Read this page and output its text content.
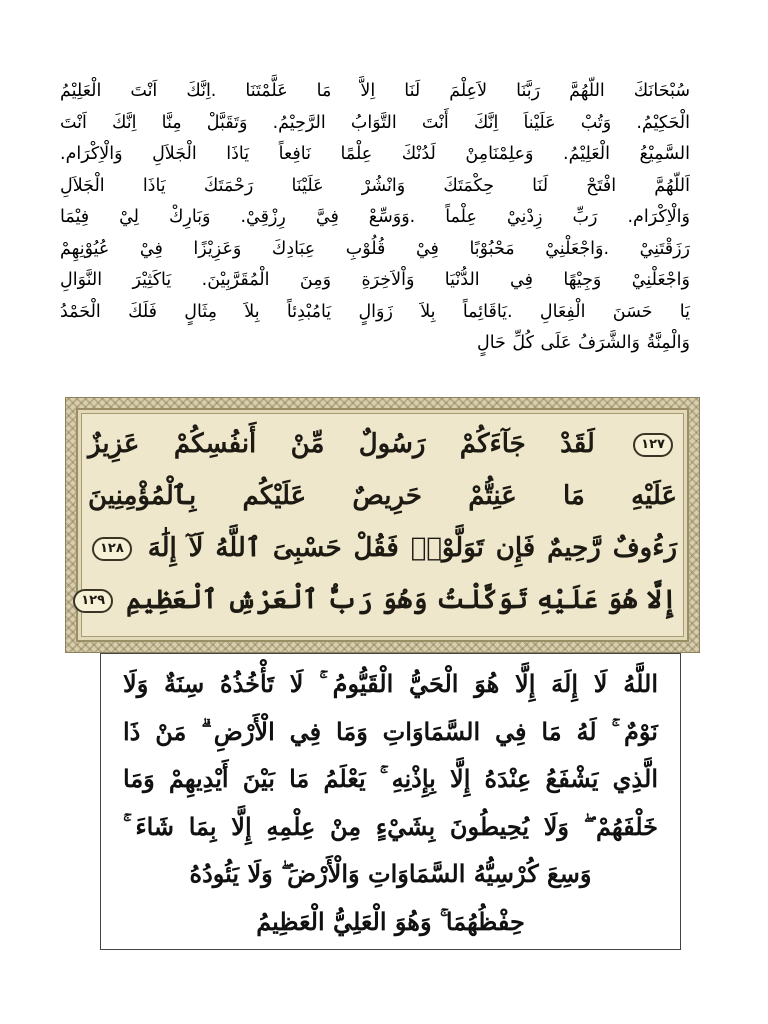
سُبْحَانَكَ اللّهُمَّ رَبَّنَا لاَعِلْمَ لَنَا اِلاَّ مَا عَلَّمْتَنَا .اِنَّكَ اَنْتَ الْعَلِيْمُ
الْحَكِيْمُ. وَتُبْ عَلَيْناَ اِنَّكَ أَنْتَ التَّوَابُ الرَّحِيْمُ. وَتَقَبَّلْ مِنَّا اِنَّكَ اَنْتَ
السَّمِيْعُ الْعَلِيْمُ. وَعلِمْنَامِنْ لَدُنْكَ عِلْمًا نَافِعاً يَاذَا الْجَلاَلِ وَالْاِكْرَام.
اَللّهُمَّ افْتَحْ لَنَا حِكْمَتَكَ وَانْشُرْ عَلَيْنَا رَحْمَتَكَ يَاذَا الْجَلاَلِ
وَالْاِكْرَام. رَبِّ زِدْنِيْ عِلْماً .وَوَسِّعْ فِيَّ رِزْقِيْ. وَبَارِكْ لِيْ فِيْمَا
رَزَقْتَنِيْ .وَاجْعَلْنِيْ مَحْبُوْبًا فِيْ قُلُوْبِ عِبَادِكَ وَعَزِيْزًا فِيْ عُيُوْنِهِمْ
وَاجْعَلْنِيْ وَجِيْهًا فِي الدُّنْيَا وَاْلاَخِرَةِ وَمِنَ الْمُقَرَّبِيْنَ. يَاكَثِيْرَ النَّوَالِ
يَا حَسَنَ الْفِعَالِ .يَاقَائِماً بِلاَ زَوَالٍ يَامُبْدِئاً بِلاَ مِثَالٍ فَلَكَ الْحَمْدُ
وَالْمِنَّةُ وَالشَّرَفُ عَلَى كُلِّ حَالٍ
١٢٧ لَقَدْ جَآءَكُمْ رَسُولٌ مِّنْ أَنفُسِكُمْ عَزِيزٌ
عَلَيْهِ مَا عَنِتُّمْ حَرِيصٌ عَلَيْكُم بِٱلْمُؤْمِنِينَ
رَءُوفٌ رَّحِيمٌ فَإِن تَوَلَّوْا۟ فَقُلْ حَسْبِىَ ٱللَّهُ لَآ إِلَٰهَ ١٢٨
إِلَّا هُوَ عَلَيْهِ تَوَكَّلْتُ وَهُوَ رَبُّ ٱلْعَرْشِ ٱلْعَظِيمِ ١٢٩
اللَّهُ لَا إِلَهَ إِلَّا هُوَ الْحَيُّ الْقَيُّومُ ۚ لَا تَأْخُذُهُ سِنَةٌ وَلَا
نَوْمٌ ۚ لَهُ مَا فِي السَّمَاوَاتِ وَمَا فِي الْأَرْضِ ۗ مَنْ ذَا
الَّذِي يَشْفَعُ عِنْدَهُ إِلَّا بِإِذْنِهِ ۚ يَعْلَمُ مَا بَيْنَ أَيْدِيهِمْ وَمَا
خَلْفَهُمْ ۖ وَلَا يُحِيطُونَ بِشَيْءٍ مِنْ عِلْمِهِ إِلَّا بِمَا شَاءَ ۚ
وَسِعَ كُرْسِيُّهُ السَّمَاوَاتِ وَالْأَرْضَ ۖ وَلَا يَئُودُهُ
حِفْظُهُمَا ۚ وَهُوَ الْعَلِيُّ الْعَظِيمُ
